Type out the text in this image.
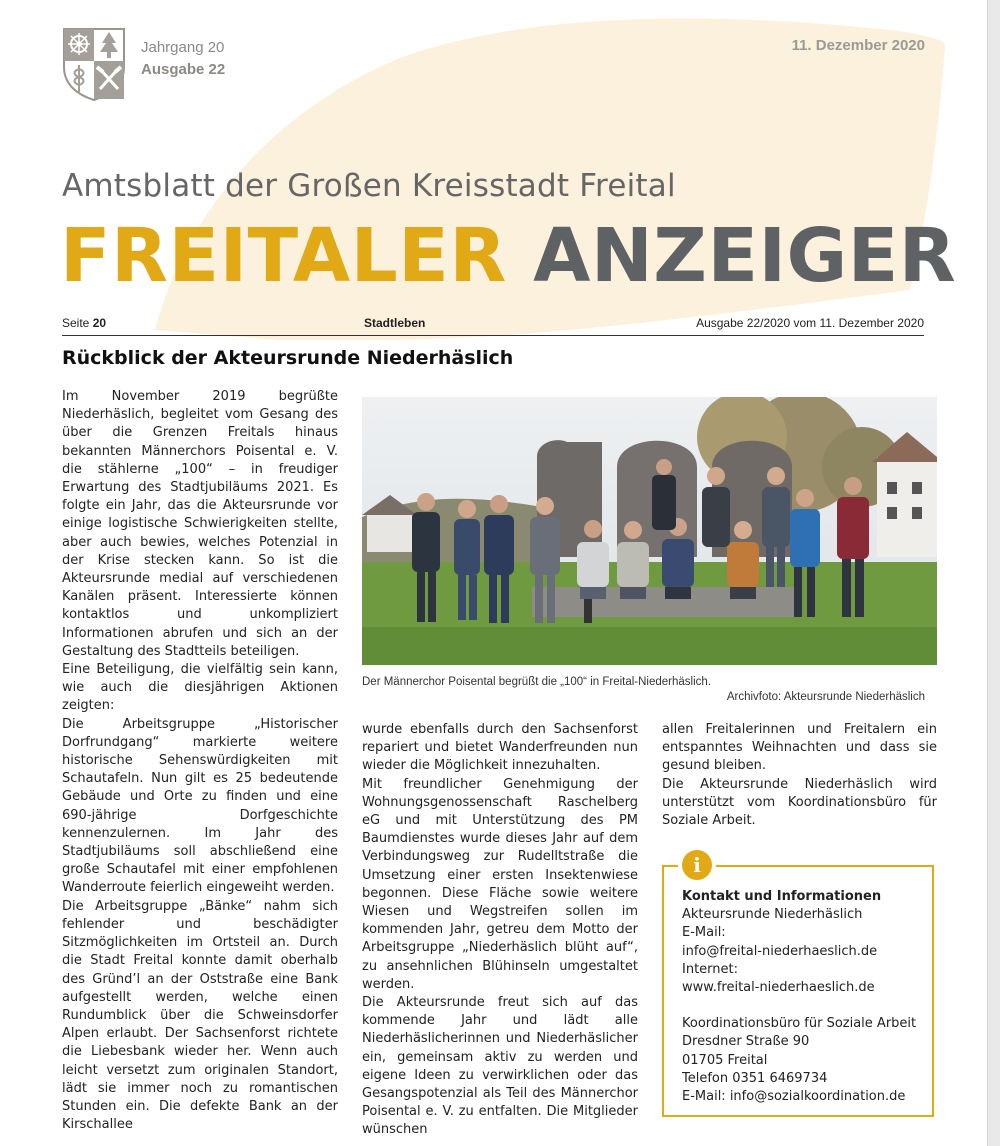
Jahrgang 20
Ausgabe 22
11. Dezember 2020
Amtsblatt der Großen Kreisstadt Freital
FREITALER ANZEIGER
Seite 20	Stadtleben	Ausgabe 22/2020 vom 11. Dezember 2020
Rückblick der Akteursrunde Niederhäslich

Im November 2019 begrüßte Niederhäslich, begleitet vom Gesang des über die Grenzen Freitals hinaus bekannten Männerchors Poisental e. V. die stählerne „100“ – in freudiger Erwartung des Stadtjubiläums 2021. Es folgte ein Jahr, das die Akteursrunde vor einige logistische Schwierigkeiten stellte, aber auch bewies, welches Potenzial in der Krise stecken kann. So ist die Akteursrunde medial auf verschiedenen Kanälen präsent. Interessierte können kontaktlos und unkompliziert Informationen abrufen und sich an der Gestaltung des Stadtteils beteiligen.

Eine Beteiligung, die vielfältig sein kann, wie auch die diesjährigen Aktionen zeigten:

Die Arbeitsgruppe „Historischer Dorfrundgang“ markierte weitere historische Sehenswürdigkeiten mit Schautafeln. Nun gilt es 25 bedeutende Gebäude und Orte zu finden und eine 690-jährige Dorfgeschichte kennenzulernen. Im Jahr des Stadtjubiläums soll abschließend eine große Schautafel mit einer empfohlenen Wanderroute feierlich eingeweiht werden.

Die Arbeitsgruppe „Bänke“ nahm sich fehlender und beschädigter Sitzmöglichkeiten im Ortsteil an. Durch die Stadt Freital konnte damit oberhalb des Gründ’l an der Oststraße eine Bank aufgestellt werden, welche einen Rundumblick über die Schweinsdorfer Alpen erlaubt. Der Sachsenforst richtete die Liebesbank wieder her. Wenn auch leicht versetzt zum originalen Standort, lädt sie immer noch zu romantischen Stunden ein. Die defekte Bank an der Kirschallee

Der Männerchor Poisental begrüßt die „100“ in Freital-Niederhäslich.
Archivfoto: Akteursrunde Niederhäslich

wurde ebenfalls durch den Sachsenforst repariert und bietet Wanderfreunden nun wieder die Möglichkeit innezuhalten.

Mit freundlicher Genehmigung der Wohnungsgenossenschaft Raschelberg eG und mit Unterstützung des PM Baumdienstes wurde dieses Jahr auf dem Verbindungsweg zur Rudelltstraße die Umsetzung einer ersten Insektenwiese begonnen. Diese Fläche sowie weitere Wiesen und Wegstreifen sollen im kommenden Jahr, getreu dem Motto der Arbeitsgruppe „Niederhäslich blüht auf“, zu ansehnlichen Blühinseln umgestaltet werden.

Die Akteursrunde freut sich auf das kommende Jahr und lädt alle Niederhäslicherinnen und Niederhäslicher ein, gemeinsam aktiv zu werden und eigene Ideen zu verwirklichen oder das Gesangspotenzial als Teil des Männerchor Poisental e. V. zu entfalten. Die Mitglieder wünschen

allen Freitalerinnen und Freitalern ein entspanntes Weihnachten und dass sie gesund bleiben.

Die Akteursrunde Niederhäslich wird unterstützt vom Koordinationsbüro für Soziale Arbeit.

i
Kontakt und Informationen
Akteursrunde Niederhäslich
E-Mail:
info@freital-niederhaeslich.de
Internet:
www.freital-niederhaeslich.de
Koordinationsbüro für Soziale Arbeit
Dresdner Straße 90
01705 Freital
Telefon 0351 6469734
E-Mail: info@sozialkoordination.de
